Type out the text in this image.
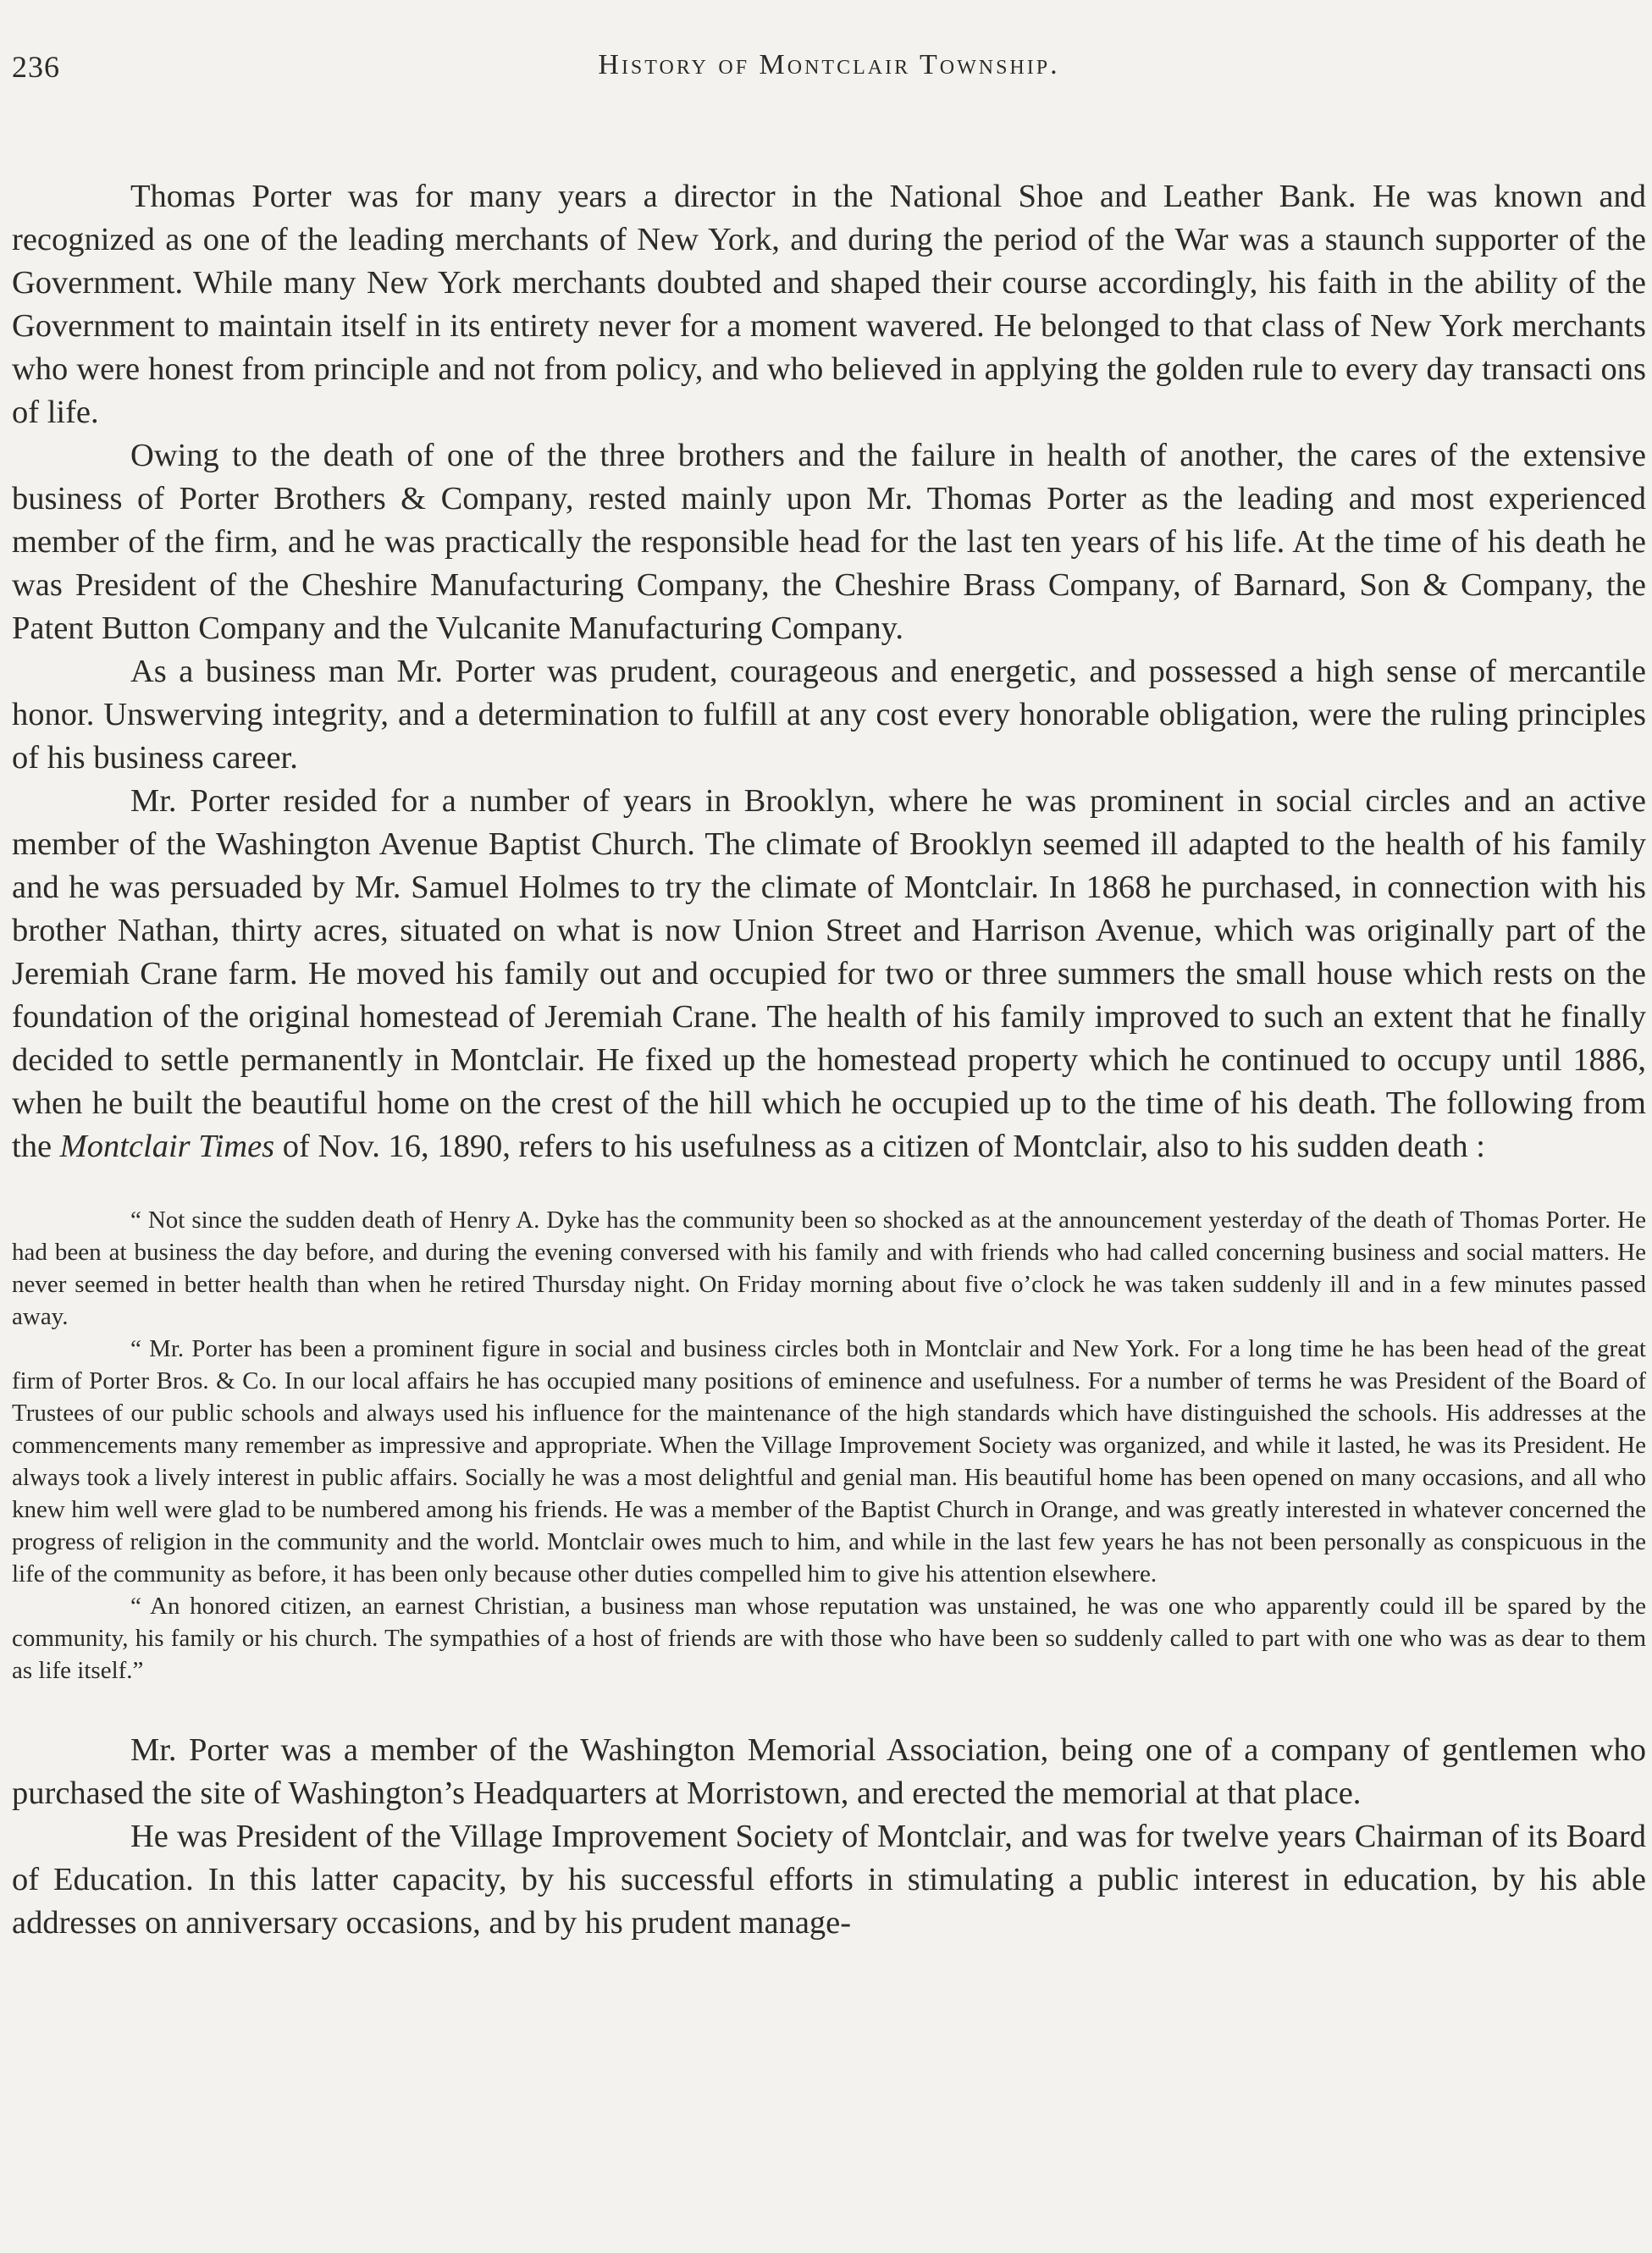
236	History of Montclair Township.

Thomas Porter was for many years a director in the National Shoe and Leather Bank. He was known and recognized as one of the leading merchants of New York, and during the period of the War was a staunch supporter of the Government. While many New York merchants doubted and shaped their course accordingly, his faith in the ability of the Government to maintain itself in its entirety never for a moment wavered. He belonged to that class of New York merchants who were honest from principle and not from policy, and who believed in applying the golden rule to every day transacti ons of life.

Owing to the death of one of the three brothers and the failure in health of another, the cares of the extensive business of Porter Brothers & Company, rested mainly upon Mr. Thomas Porter as the leading and most experienced member of the firm, and he was practically the responsible head for the last ten years of his life. At the time of his death he was President of the Cheshire Manufacturing Company, the Cheshire Brass Company, of Barnard, Son & Company, the Patent Button Company and the Vulcanite Manufacturing Company.

As a business man Mr. Porter was prudent, courageous and energetic, and possessed a high sense of mercantile honor. Unswerving integrity, and a determination to fulfill at any cost every honorable obligation, were the ruling principles of his business career.

Mr. Porter resided for a number of years in Brooklyn, where he was prominent in social circles and an active member of the Washington Avenue Baptist Church. The climate of Brooklyn seemed ill adapted to the health of his family and he was persuaded by Mr. Samuel Holmes to try the climate of Montclair. In 1868 he purchased, in connection with his brother Nathan, thirty acres, situated on what is now Union Street and Harrison Avenue, which was originally part of the Jeremiah Crane farm. He moved his family out and occupied for two or three summers the small house which rests on the foundation of the original homestead of Jeremiah Crane. The health of his family improved to such an extent that he finally decided to settle permanently in Montclair. He fixed up the homestead property which he continued to occupy until 1886, when he built the beautiful home on the crest of the hill which he occupied up to the time of his death. The following from the Montclair Times of Nov. 16, 1890, refers to his usefulness as a citizen of Montclair, also to his sudden death :

“ Not since the sudden death of Henry A. Dyke has the community been so shocked as at the announcement yesterday of the death of Thomas Porter. He had been at business the day before, and during the evening conversed with his family and with friends who had called concerning business and social matters. He never seemed in better health than when he retired Thursday night. On Friday morning about five o’clock he was taken suddenly ill and in a few minutes passed away.

“ Mr. Porter has been a prominent figure in social and business circles both in Montclair and New York. For a long time he has been head of the great firm of Porter Bros. & Co. In our local affairs he has occupied many positions of eminence and usefulness. For a number of terms he was President of the Board of Trustees of our public schools and always used his influence for the maintenance of the high standards which have distinguished the schools. His addresses at the commencements many remember as impressive and appropriate. When the Village Improvement Society was organized, and while it lasted, he was its President. He always took a lively interest in public affairs. Socially he was a most delightful and genial man. His beautiful home has been opened on many occasions, and all who knew him well were glad to be numbered among his friends. He was a member of the Baptist Church in Orange, and was greatly interested in whatever concerned the progress of religion in the community and the world. Montclair owes much to him, and while in the last few years he has not been personally as conspicuous in the life of the community as before, it has been only because other duties compelled him to give his attention elsewhere.

“ An honored citizen, an earnest Christian, a business man whose reputation was unstained, he was one who apparently could ill be spared by the community, his family or his church. The sympathies of a host of friends are with those who have been so suddenly called to part with one who was as dear to them as life itself.”

Mr. Porter was a member of the Washington Memorial Association, being one of a company of gentlemen who purchased the site of Washington’s Headquarters at Morristown, and erected the memorial at that place.

He was President of the Village Improvement Society of Montclair, and was for twelve years Chairman of its Board of Education. In this latter capacity, by his successful efforts in stimulating a public interest in education, by his able addresses on anniversary occasions, and by his prudent manage-
